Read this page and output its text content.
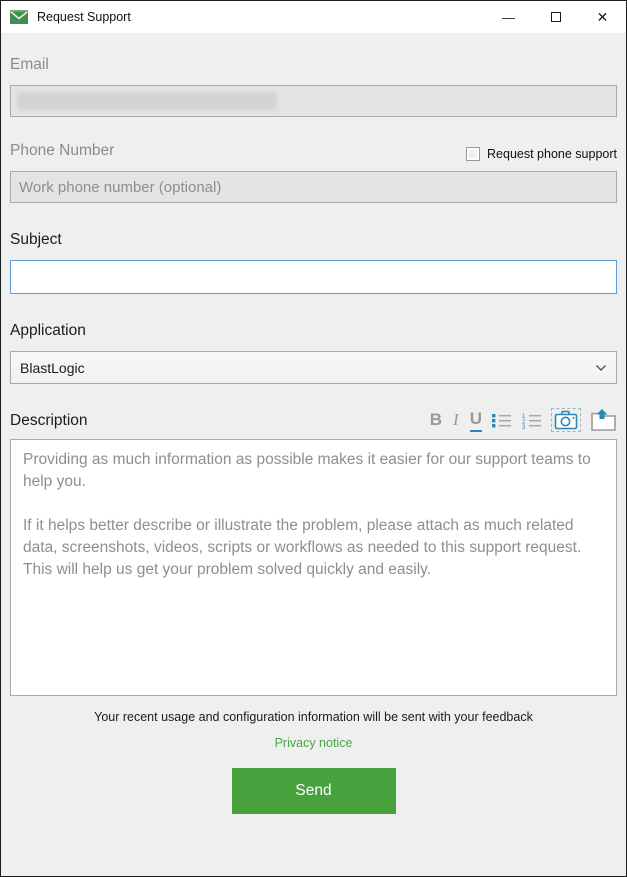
Request Support	—	✕
Email
Phone Number	Request phone support
Work phone number (optional)
Subject
Application
BlastLogic
Description	B I U	1
2
3

Providing as much information as possible makes it easier for our support teams to help you.

If it helps better describe or illustrate the problem, please attach as much related data, screenshots, videos, scripts or workflows as needed to this support request. This will help us get your problem solved quickly and easily.

Your recent usage and configuration information will be sent with your feedback
Privacy notice
Send
